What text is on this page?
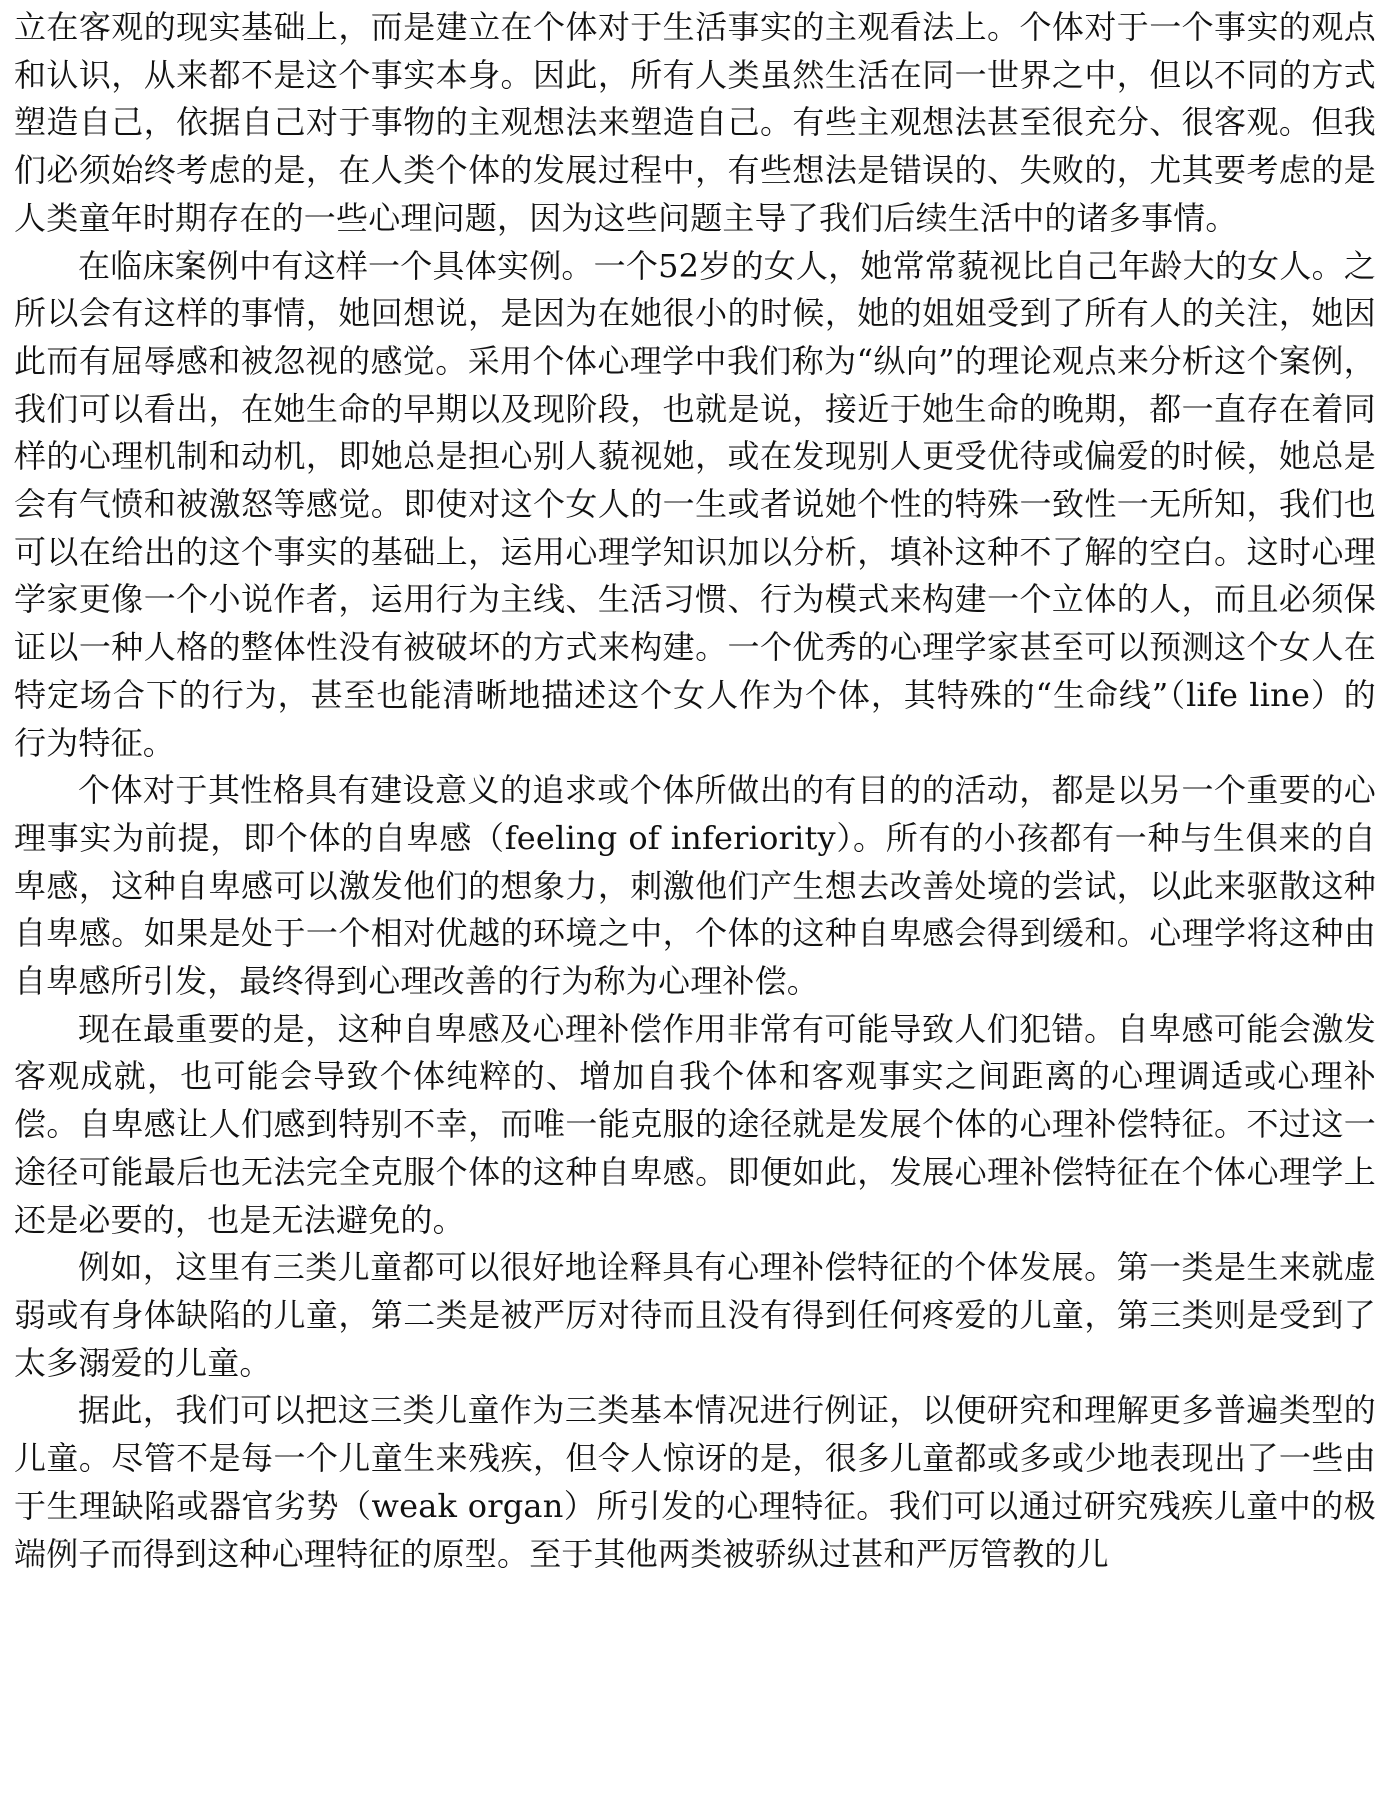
立在客观的现实基础上，而是建立在个体对于生活事实的主观看法上。个体对于一个事实的观点和认识，从来都不是这个事实本身。因此，所有人类虽然生活在同一世界之中，但以不同的方式塑造自己，依据自己对于事物的主观想法来塑造自己。有些主观想法甚至很充分、很客观。但我们必须始终考虑的是，在人类个体的发展过程中，有些想法是错误的、失败的，尤其要考虑的是人类童年时期存在的一些心理问题，因为这些问题主导了我们后续生活中的诸多事情。

在临床案例中有这样一个具体实例。一个52岁的女人，她常常藐视比自己年龄大的女人。之所以会有这样的事情，她回想说，是因为在她很小的时候，她的姐姐受到了所有人的关注，她因此而有屈辱感和被忽视的感觉。采用个体心理学中我们称为“纵向”的理论观点来分析这个案例，我们可以看出，在她生命的早期以及现阶段，也就是说，接近于她生命的晚期，都一直存在着同样的心理机制和动机，即她总是担心别人藐视她，或在发现别人更受优待或偏爱的时候，她总是会有气愤和被激怒等感觉。即使对这个女人的一生或者说她个性的特殊一致性一无所知，我们也可以在给出的这个事实的基础上，运用心理学知识加以分析，填补这种不了解的空白。这时心理学家更像一个小说作者，运用行为主线、生活习惯、行为模式来构建一个立体的人，而且必须保证以一种人格的整体性没有被破坏的方式来构建。一个优秀的心理学家甚至可以预测这个女人在特定场合下的行为，甚至也能清晰地描述这个女人作为个体，其特殊的“生命线”（life line）的行为特征。

个体对于其性格具有建设意义的追求或个体所做出的有目的的活动，都是以另一个重要的心理事实为前提，即个体的自卑感（feeling of inferiority）。所有的小孩都有一种与生俱来的自卑感，这种自卑感可以激发他们的想象力，刺激他们产生想去改善处境的尝试，以此来驱散这种自卑感。如果是处于一个相对优越的环境之中，个体的这种自卑感会得到缓和。心理学将这种由自卑感所引发，最终得到心理改善的行为称为心理补偿。

现在最重要的是，这种自卑感及心理补偿作用非常有可能导致人们犯错。自卑感可能会激发客观成就，也可能会导致个体纯粹的、增加自我个体和客观事实之间距离的心理调适或心理补偿。自卑感让人们感到特别不幸，而唯一能克服的途径就是发展个体的心理补偿特征。不过这一途径可能最后也无法完全克服个体的这种自卑感。即便如此，发展心理补偿特征在个体心理学上还是必要的，也是无法避免的。

例如，这里有三类儿童都可以很好地诠释具有心理补偿特征的个体发展。第一类是生来就虚弱或有身体缺陷的儿童，第二类是被严厉对待而且没有得到任何疼爱的儿童，第三类则是受到了太多溺爱的儿童。

据此，我们可以把这三类儿童作为三类基本情况进行例证，以便研究和理解更多普遍类型的儿童。尽管不是每一个儿童生来残疾，但令人惊讶的是，很多儿童都或多或少地表现出了一些由于生理缺陷或器官劣势（weak organ）所引发的心理特征。我们可以通过研究残疾儿童中的极端例子而得到这种心理特征的原型。至于其他两类被骄纵过甚和严厉管教的儿
